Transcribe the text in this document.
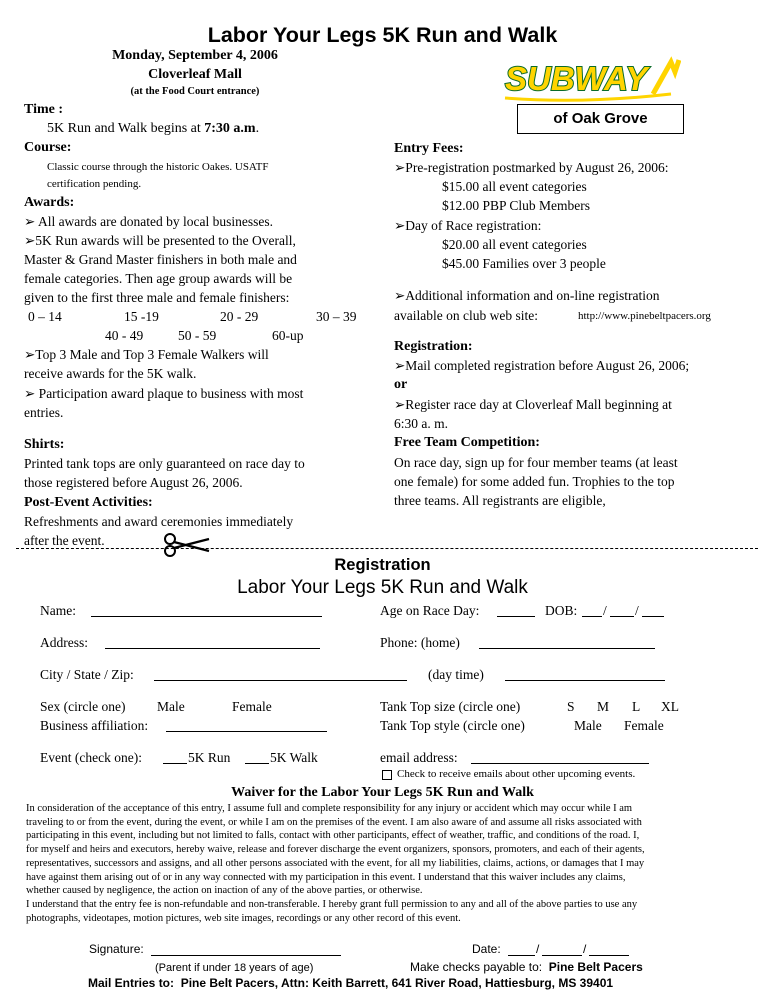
Labor Your Legs 5K Run and Walk
Monday, September 4, 2006
Cloverleaf Mall
(at the Food Court entrance)	SUBWAY
of Oak Grove
Time :
5K Run and Walk begins at 7:30 a.m.
Course:
Classic course through the historic Oakes. USATF
certification pending.
Awards:
➢ All awards are donated by local businesses.
➢5K Run awards will be presented to the Overall,
Master & Grand Master finishers in both male and
female categories. Then age group awards will be
given to the first three male and female finishers:
0 – 14	15 -19	20 - 29	30 – 39
40 - 49	50 - 59	60-up
➢Top 3 Male and Top 3 Female Walkers will
receive awards for the 5K walk.
➢ Participation award plaque to business with most
entries.
Shirts:
Printed tank tops are only guaranteed on race day to
those registered before August 26, 2006.
Post-Event Activities:
Refreshments and award ceremonies immediately
after the event.
Entry Fees:
➢Pre-registration postmarked by August 26, 2006:
$15.00 all event categories
$12.00 PBP Club Members
➢Day of Race registration:
$20.00 all event categories
$45.00 Families over 3 people
➢Additional information and on-line registration
available on club web site:	http://www.pinebeltpacers.org
Registration:
➢Mail completed registration before August 26, 2006;
or
➢Register race day at Cloverleaf Mall beginning at
6:30 a. m.
Free Team Competition:
On race day, sign up for four member teams (at least
one female) for some added fun. Trophies to the top
three teams. All registrants are eligible,
Registration
Labor Your Legs 5K Run and Walk
Name:
Address:
City / State / Zip:
Sex (circle one) Male	Female
Business affiliation:
Event (check one):	5K Run	5K Walk
Age on Race Day:	DOB: / /
Phone: (home)
(day time)
Tank Top size (circle one)	S M L XL
Tank Top style (circle one)	Male Female
email address:
Check to receive emails about other upcoming events.
Waiver for the Labor Your Legs 5K Run and Walk
In consideration of the acceptance of this entry, I assume full and complete responsibility for any injury or accident which may occur while I am
traveling to or from the event, during the event, or while I am on the premises of the event. I am also aware of and assume all risks associated with
participating in this event, including but not limited to falls, contact with other participants, effect of weather, traffic, and conditions of the road. I,
for myself and heirs and executors, hereby waive, release and forever discharge the event organizers, sponsors, promoters, and each of their agents,
representatives, successors and assigns, and all other persons associated with the event, for all my liabilities, claims, actions, or damages that I may
have against them arising out of or in any way connected with my participation in this event. I understand that this waiver includes any claims,
whether caused by negligence, the action on inaction of any of the above parties, or otherwise.
I understand that the entry fee is non-refundable and non-transferable. I hereby grant full permission to any and all of the above parties to use any
photographs, videotapes, motion pictures, web site images, recordings or any other record of this event.
Signature:	Date:	/	/
(Parent if under 18 years of age)	Make checks payable to: Pine Belt Pacers
Mail Entries to: Pine Belt Pacers, Attn: Keith Barrett, 641 River Road, Hattiesburg, MS 39401
